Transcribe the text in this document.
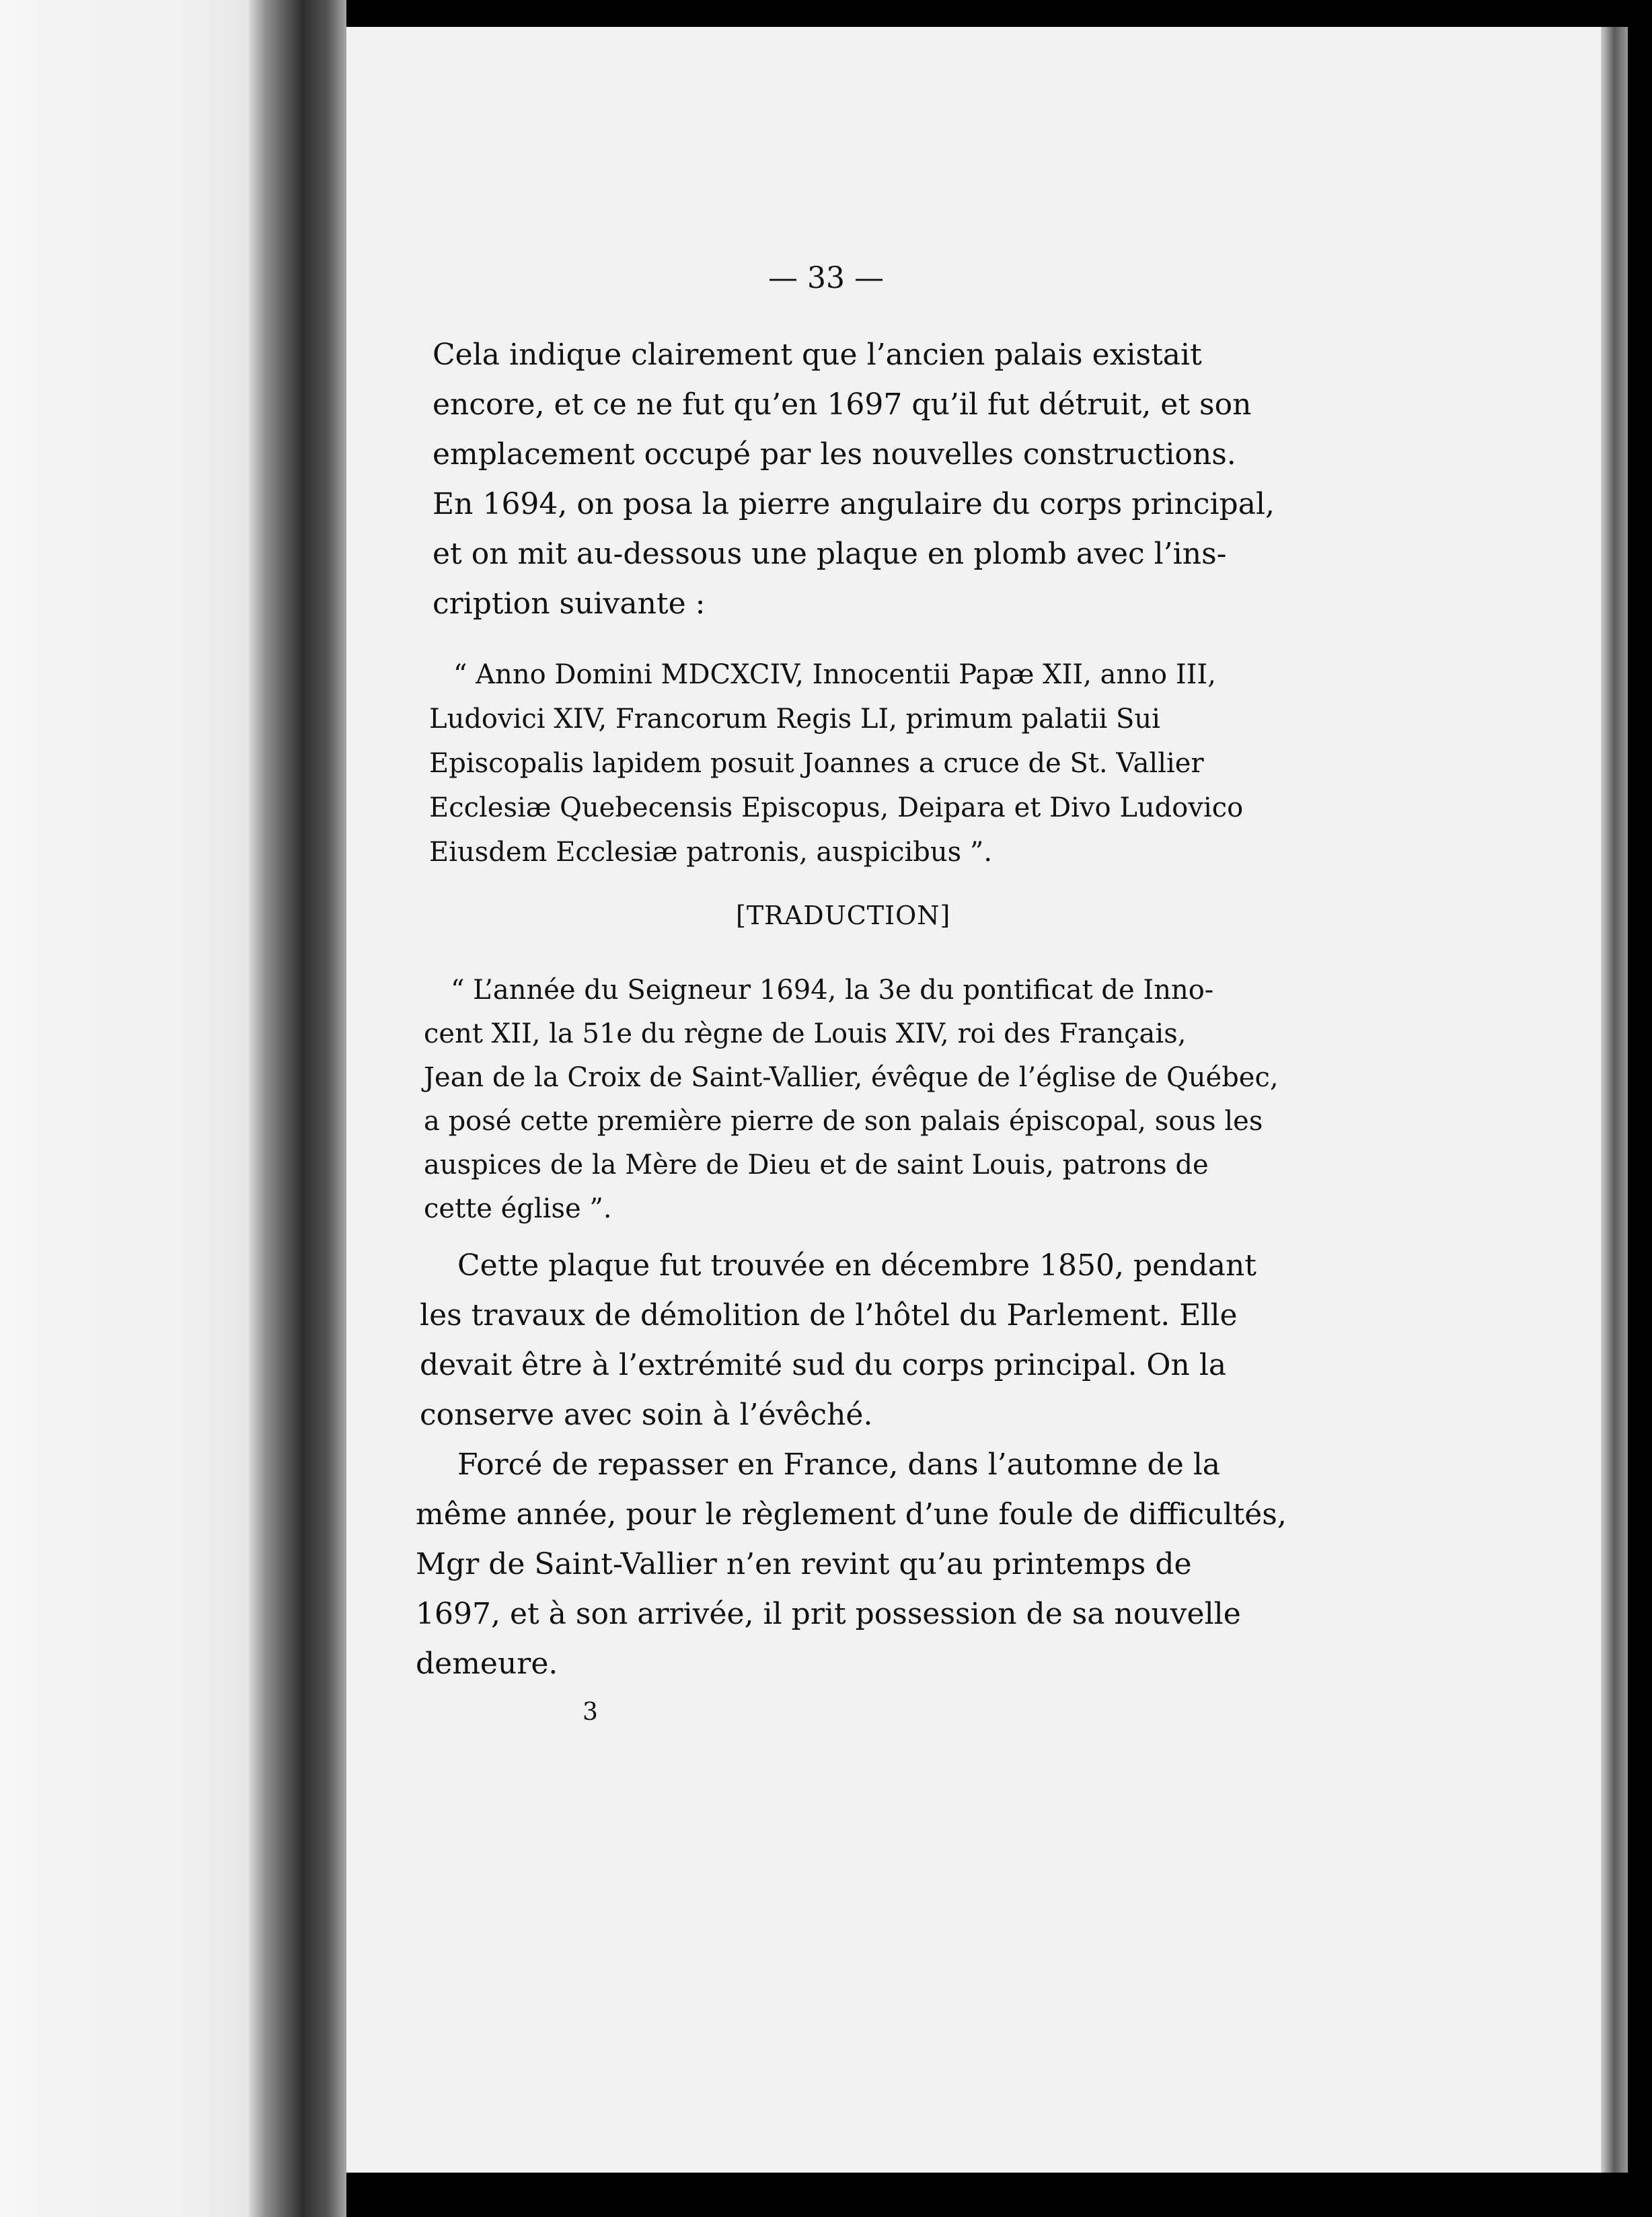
— 33 —
Cela indique clairement que l’ancien palais existait
encore, et ce ne fut qu’en 1697 qu’il fut détruit, et son
emplacement occupé par les nouvelles constructions.
En 1694, on posa la pierre angulaire du corps principal,
et on mit au-dessous une plaque en plomb avec l’ins-
cription suivante :
“ Anno Domini MDCXCIV, Innocentii Papæ XII, anno III,
Ludovici XIV, Francorum Regis LI, primum palatii Sui
Episcopalis lapidem posuit Joannes a cruce de St. Vallier
Ecclesiæ Quebecensis Episcopus, Deipara et Divo Ludovico
Eiusdem Ecclesiæ patronis, auspicibus ”.
[TRADUCTION]
“ L’année du Seigneur 1694, la 3e du pontificat de Inno-
cent XII, la 51e du règne de Louis XIV, roi des Français,
Jean de la Croix de Saint-Vallier, évêque de l’église de Québec,
a posé cette première pierre de son palais épiscopal, sous les
auspices de la Mère de Dieu et de saint Louis, patrons de
cette église ”.
Cette plaque fut trouvée en décembre 1850, pendant
les travaux de démolition de l’hôtel du Parlement. Elle
devait être à l’extrémité sud du corps principal. On la
conserve avec soin à l’évêché.
Forcé de repasser en France, dans l’automne de la
même année, pour le règlement d’une foule de difficultés,
Mgr de Saint-Vallier n’en revint qu’au printemps de
1697, et à son arrivée, il prit possession de sa nouvelle
demeure.
3
